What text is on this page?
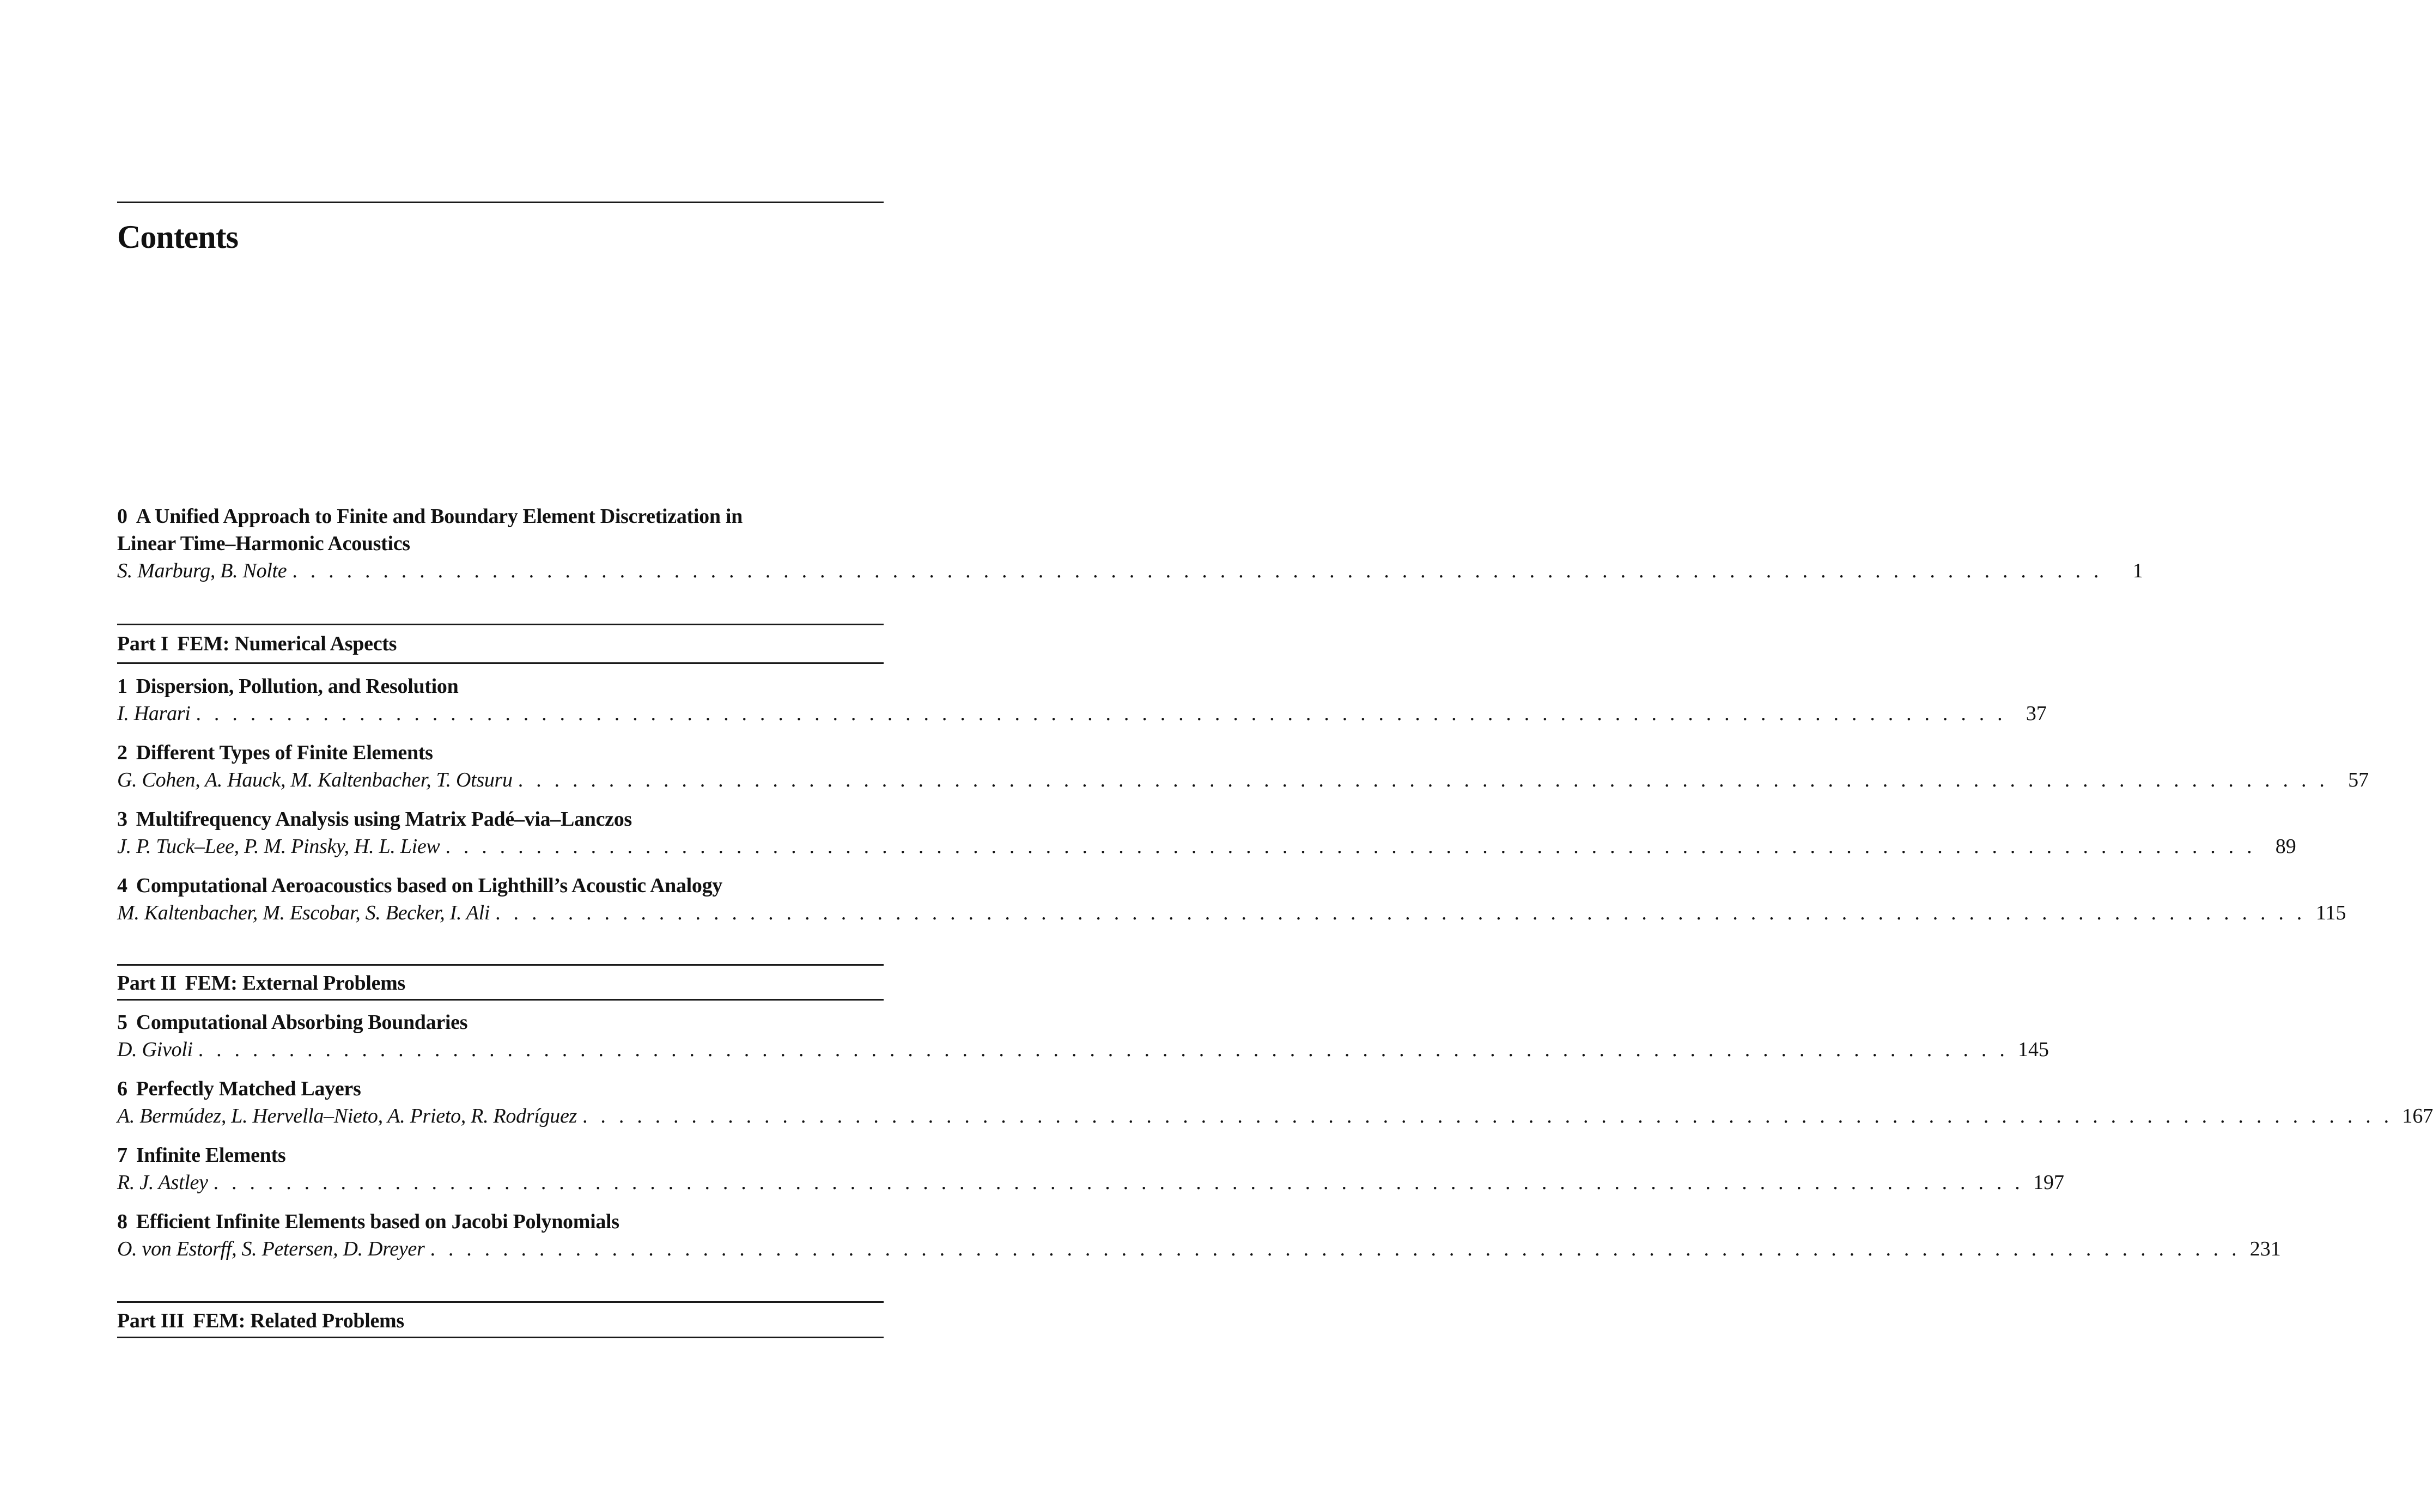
Contents
0 A Unified Approach to Finite and Boundary Element Discretization in
Linear Time–Harmonic Acoustics
S. Marburg, B. Nolte . . . . . . . . . . . . . . . . . . . . . . . . . . . . . . . . . . . . . . . . . . . . . . . . . . . . . . . . . . . . . . . . . . . . . . . . . . . . . . . . . . . . . . . . . . . . . . . . . . . .	1
Part I FEM: Numerical Aspects
1 Dispersion, Pollution, and Resolution
I. Harari . . . . . . . . . . . . . . . . . . . . . . . . . . . . . . . . . . . . . . . . . . . . . . . . . . . . . . . . . . . . . . . . . . . . . . . . . . . . . . . . . . . . . . . . . . . . . . . . . . . . 37
2 Different Types of Finite Elements
G. Cohen, A. Hauck, M. Kaltenbacher, T. Otsuru . . . . . . . . . . . . . . . . . . . . . . . . . . . . . . . . . . . . . . . . . . . . . . . . . . . . . . . . . . . . . . . . . . . . . . . . . . . . . . . . . . . . . . . . . . . . . . . . . . . . 57
3 Multifrequency Analysis using Matrix Padé–via–Lanczos
J. P. Tuck–Lee, P. M. Pinsky, H. L. Liew . . . . . . . . . . . . . . . . . . . . . . . . . . . . . . . . . . . . . . . . . . . . . . . . . . . . . . . . . . . . . . . . . . . . . . . . . . . . . . . . . . . . . . . . . . . . . . . . . . . . 89
4 Computational Aeroacoustics based on Lighthill’s Acoustic Analogy
M. Kaltenbacher, M. Escobar, S. Becker, I. Ali . . . . . . . . . . . . . . . . . . . . . . . . . . . . . . . . . . . . . . . . . . . . . . . . . . . . . . . . . . . . . . . . . . . . . . . . . . . . . . . . . . . . . . . . . . . . . . . . . . . . 115
Part II FEM: External Problems
5 Computational Absorbing Boundaries
D. Givoli . . . . . . . . . . . . . . . . . . . . . . . . . . . . . . . . . . . . . . . . . . . . . . . . . . . . . . . . . . . . . . . . . . . . . . . . . . . . . . . . . . . . . . . . . . . . . . . . . . . . 145
6 Perfectly Matched Layers
A. Bermúdez, L. Hervella–Nieto, A. Prieto, R. Rodríguez . . . . . . . . . . . . . . . . . . . . . . . . . . . . . . . . . . . . . . . . . . . . . . . . . . . . . . . . . . . . . . . . . . . . . . . . . . . . . . . . . . . . . . . . . . . . . . . . . . . . 167
7 Infinite Elements
R. J. Astley . . . . . . . . . . . . . . . . . . . . . . . . . . . . . . . . . . . . . . . . . . . . . . . . . . . . . . . . . . . . . . . . . . . . . . . . . . . . . . . . . . . . . . . . . . . . . . . . . . . . 197
8 Efficient Infinite Elements based on Jacobi Polynomials
O. von Estorff, S. Petersen, D. Dreyer . . . . . . . . . . . . . . . . . . . . . . . . . . . . . . . . . . . . . . . . . . . . . . . . . . . . . . . . . . . . . . . . . . . . . . . . . . . . . . . . . . . . . . . . . . . . . . . . . . . . 231
Part III FEM: Related Problems
